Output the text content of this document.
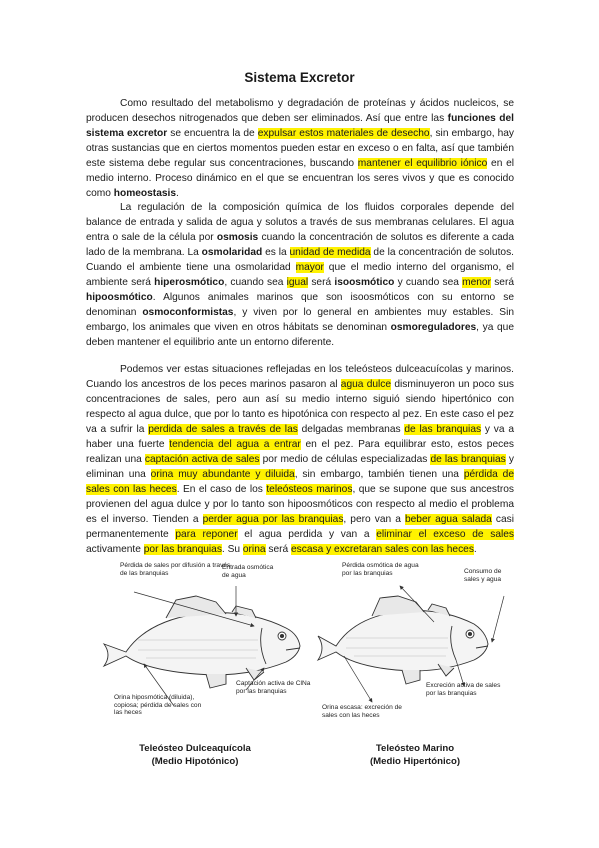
Sistema Excretor

Como resultado del metabolismo y degradación de proteínas y ácidos nucleicos, se producen desechos nitrogenados que deben ser eliminados. Así que entre las funciones del sistema excretor se encuentra la de expulsar estos materiales de desecho, sin embargo, hay otras sustancias que en ciertos momentos pueden estar en exceso o en falta, así que también este sistema debe regular sus concentraciones, buscando mantener el equilibrio iónico en el medio interno. Proceso dinámico en el que se encuentran los seres vivos y que es conocido como homeostasis.

La regulación de la composición química de los fluidos corporales depende del balance de entrada y salida de agua y solutos a través de sus membranas celulares. El agua entra o sale de la célula por osmosis cuando la concentración de solutos es diferente a cada lado de la membrana. La osmolaridad es la unidad de medida de la concentración de solutos. Cuando el ambiente tiene una osmolaridad mayor que el medio interno del organismo, el ambiente será hiperosmótico, cuando sea igual será isoosmótico y cuando sea menor será hipoosmótico. Algunos animales marinos que son isoosmóticos con su entorno se denominan osmoconformistas, y viven por lo general en ambientes muy estables. Sin embargo, los animales que viven en otros hábitats se denominan osmoreguladores, ya que deben mantener el equilibrio ante un entorno diferente.

Podemos ver estas situaciones reflejadas en los teleósteos dulceacuícolas y marinos. Cuando los ancestros de los peces marinos pasaron al agua dulce disminuyeron un poco sus concentraciones de sales, pero aun así su medio interno siguió siendo hipertónico con respecto al agua dulce, que por lo tanto es hipotónica con respecto al pez. En este caso el pez va a sufrir la perdida de sales a través de las delgadas membranas de las branquias y va a haber una fuerte tendencia del agua a entrar en el pez. Para equilibrar esto, estos peces realizan una captación activa de sales por medio de células especializadas de las branquias y eliminan una orina muy abundante y diluida, sin embargo, también tienen una pérdida de sales con las heces. En el caso de los teleósteos marinos, que se supone que sus ancestros provienen del agua dulce y por lo tanto son hipoosmóticos con respecto al medio el problema es el inverso. Tienden a perder agua por las branquias, pero van a beber agua salada casi permanentemente para reponer el agua perdida y van a eliminar el exceso de sales activamente por las branquias. Su orina será escasa y excretaran sales con las heces.

Pérdida de sales por difusión a través de las branquias
Entrada osmótica de agua
Captación activa de ClNa por las branquias
Orina hiposmótica (diluida), copiosa; pérdida de sales con las heces
Pérdida osmótica de agua por las branquias	Consumo de sales y agua
Excreción activa de sales por las branquias
Orina escasa: excreción de sales con las heces
Teleósteo Dulceaquícola
(Medio Hipotónico)
Teleósteo Marino
(Medio Hipertónico)
